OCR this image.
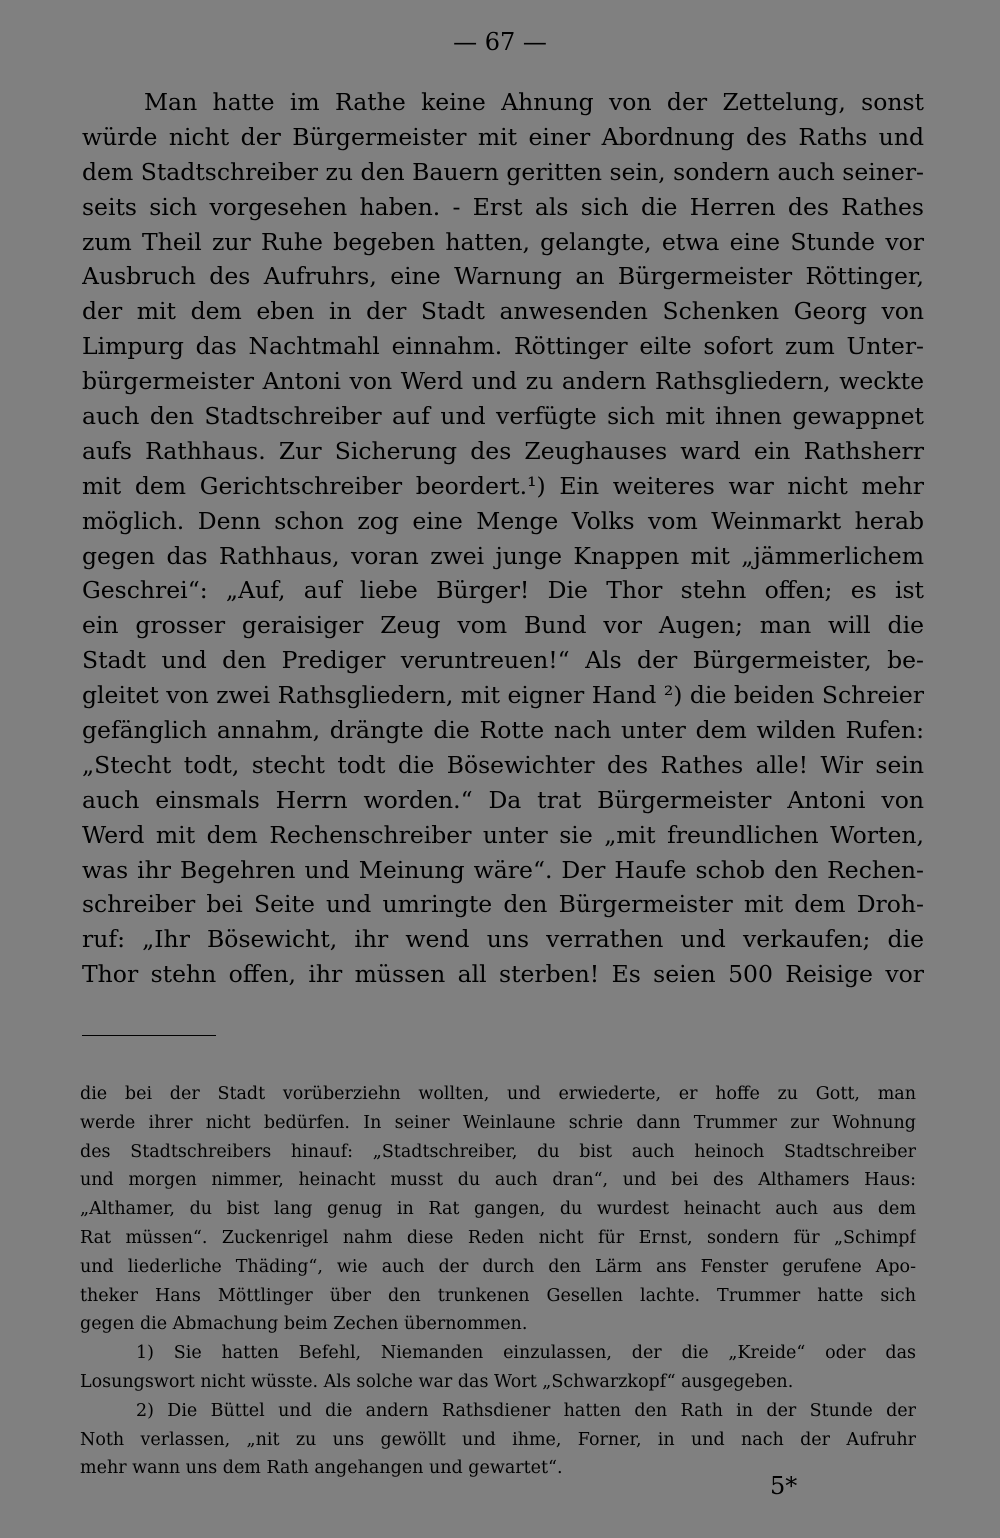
— 67 —
Man hatte im Rathe keine Ahnung von der Zettelung, sonst
würde nicht der Bürgermeister mit einer Abordnung des Raths und
dem Stadtschreiber zu den Bauern geritten sein, sondern auch seiner-
seits sich vorgesehen haben. - Erst als sich die Herren des Rathes
zum Theil zur Ruhe begeben hatten, gelangte, etwa eine Stunde vor
Ausbruch des Aufruhrs, eine Warnung an Bürgermeister Röttinger,
der mit dem eben in der Stadt anwesenden Schenken Georg von
Limpurg das Nachtmahl einnahm. Röttinger eilte sofort zum Unter-
bürgermeister Antoni von Werd und zu andern Rathsgliedern, weckte
auch den Stadtschreiber auf und verfügte sich mit ihnen gewappnet
aufs Rathhaus. Zur Sicherung des Zeughauses ward ein Rathsherr
mit dem Gerichtschreiber beordert.¹) Ein weiteres war nicht mehr
möglich. Denn schon zog eine Menge Volks vom Weinmarkt herab
gegen das Rathhaus, voran zwei junge Knappen mit „jämmerlichem
Geschrei“: „Auf, auf liebe Bürger! Die Thor stehn offen; es ist
ein grosser geraisiger Zeug vom Bund vor Augen; man will die
Stadt und den Prediger veruntreuen!“ Als der Bürgermeister, be-
gleitet von zwei Rathsgliedern, mit eigner Hand ²) die beiden Schreier
gefänglich annahm, drängte die Rotte nach unter dem wilden Rufen:
„Stecht todt, stecht todt die Bösewichter des Rathes alle! Wir sein
auch einsmals Herrn worden.“ Da trat Bürgermeister Antoni von
Werd mit dem Rechenschreiber unter sie „mit freundlichen Worten,
was ihr Begehren und Meinung wäre“. Der Haufe schob den Rechen-
schreiber bei Seite und umringte den Bürgermeister mit dem Droh-
ruf: „Ihr Bösewicht, ihr wend uns verrathen und verkaufen; die
Thor stehn offen, ihr müssen all sterben! Es seien 500 Reisige vor
die bei der Stadt vorüberziehn wollten, und erwiederte, er hoffe zu Gott, man
werde ihrer nicht bedürfen. In seiner Weinlaune schrie dann Trummer zur Wohnung
des Stadtschreibers hinauf: „Stadtschreiber, du bist auch heinoch Stadtschreiber
und morgen nimmer, heinacht musst du auch dran“, und bei des Althamers Haus:
„Althamer, du bist lang genug in Rat gangen, du wurdest heinacht auch aus dem
Rat müssen“. Zuckenrigel nahm diese Reden nicht für Ernst, sondern für „Schimpf
und liederliche Thäding“, wie auch der durch den Lärm ans Fenster gerufene Apo-
theker Hans Möttlinger über den trunkenen Gesellen lachte. Trummer hatte sich
gegen die Abmachung beim Zechen übernommen.
1) Sie hatten Befehl, Niemanden einzulassen, der die „Kreide“ oder das
Losungswort nicht wüsste. Als solche war das Wort „Schwarzkopf“ ausgegeben.
2) Die Büttel und die andern Rathsdiener hatten den Rath in der Stunde der
Noth verlassen, „nit zu uns gewöllt und ihme, Forner, in und nach der Aufruhr
mehr wann uns dem Rath angehangen und gewartet“.
5*
